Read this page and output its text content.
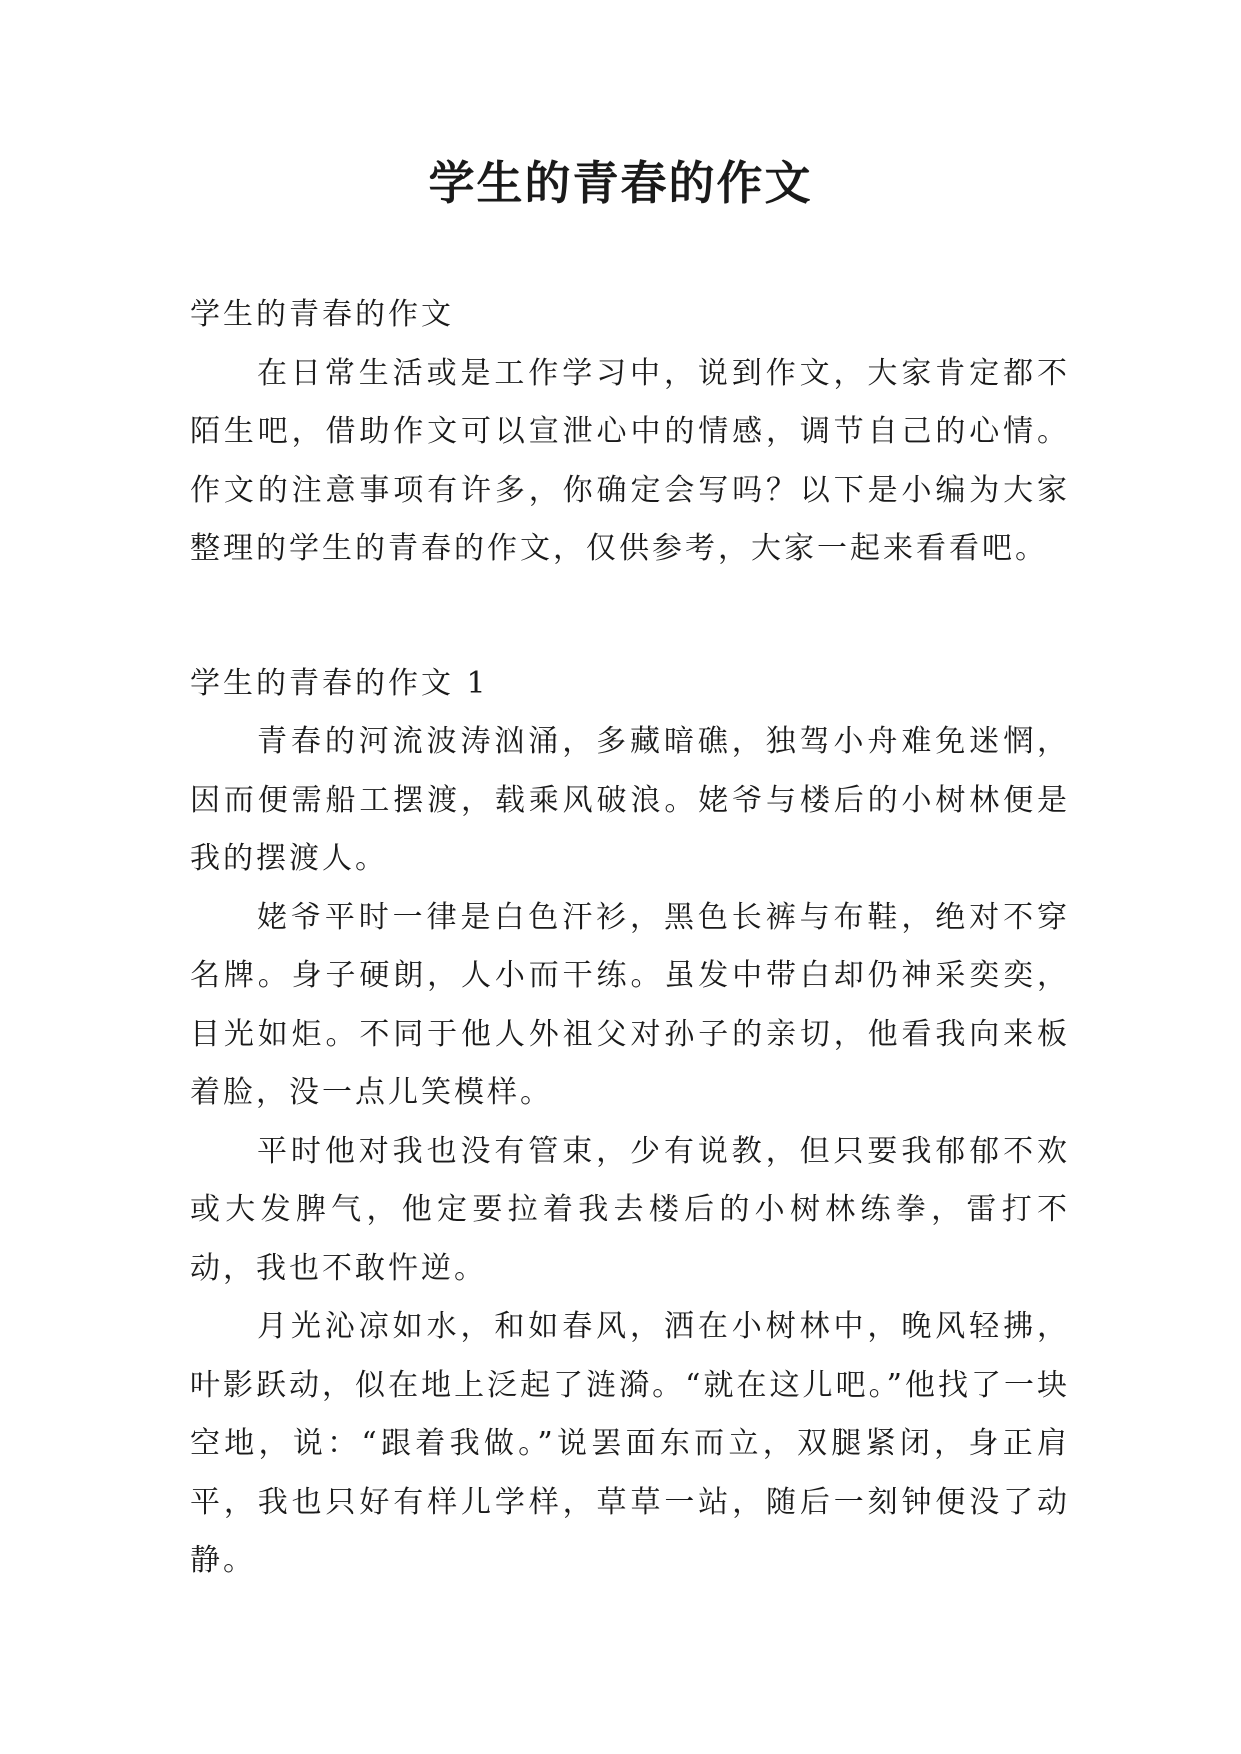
学生的青春的作文

学生的青春的作文

在日常生活或是工作学习中，说到作文，大家肯定都不陌生吧，借助作文可以宣泄心中的情感，调节自己的心情。作文的注意事项有许多，你确定会写吗？以下是小编为大家整理的学生的青春的作文，仅供参考，大家一起来看看吧。

学生的青春的作文 1

青春的河流波涛汹涌，多藏暗礁，独驾小舟难免迷惘，因而便需船工摆渡，载乘风破浪。姥爷与楼后的小树林便是我的摆渡人。

姥爷平时一律是白色汗衫，黑色长裤与布鞋，绝对不穿名牌。身子硬朗，人小而干练。虽发中带白却仍神采奕奕，目光如炬。不同于他人外祖父对孙子的亲切，他看我向来板着脸，没一点儿笑模样。

平时他对我也没有管束，少有说教，但只要我郁郁不欢或大发脾气，他定要拉着我去楼后的小树林练拳，雷打不动，我也不敢忤逆。

月光沁凉如水，和如春风，洒在小树林中，晚风轻拂，叶影跃动，似在地上泛起了涟漪。“就在这儿吧。”他找了一块空地，说：“跟着我做。”说罢面东而立，双腿紧闭，身正肩平，我也只好有样儿学样，草草一站，随后一刻钟便没了动静。
